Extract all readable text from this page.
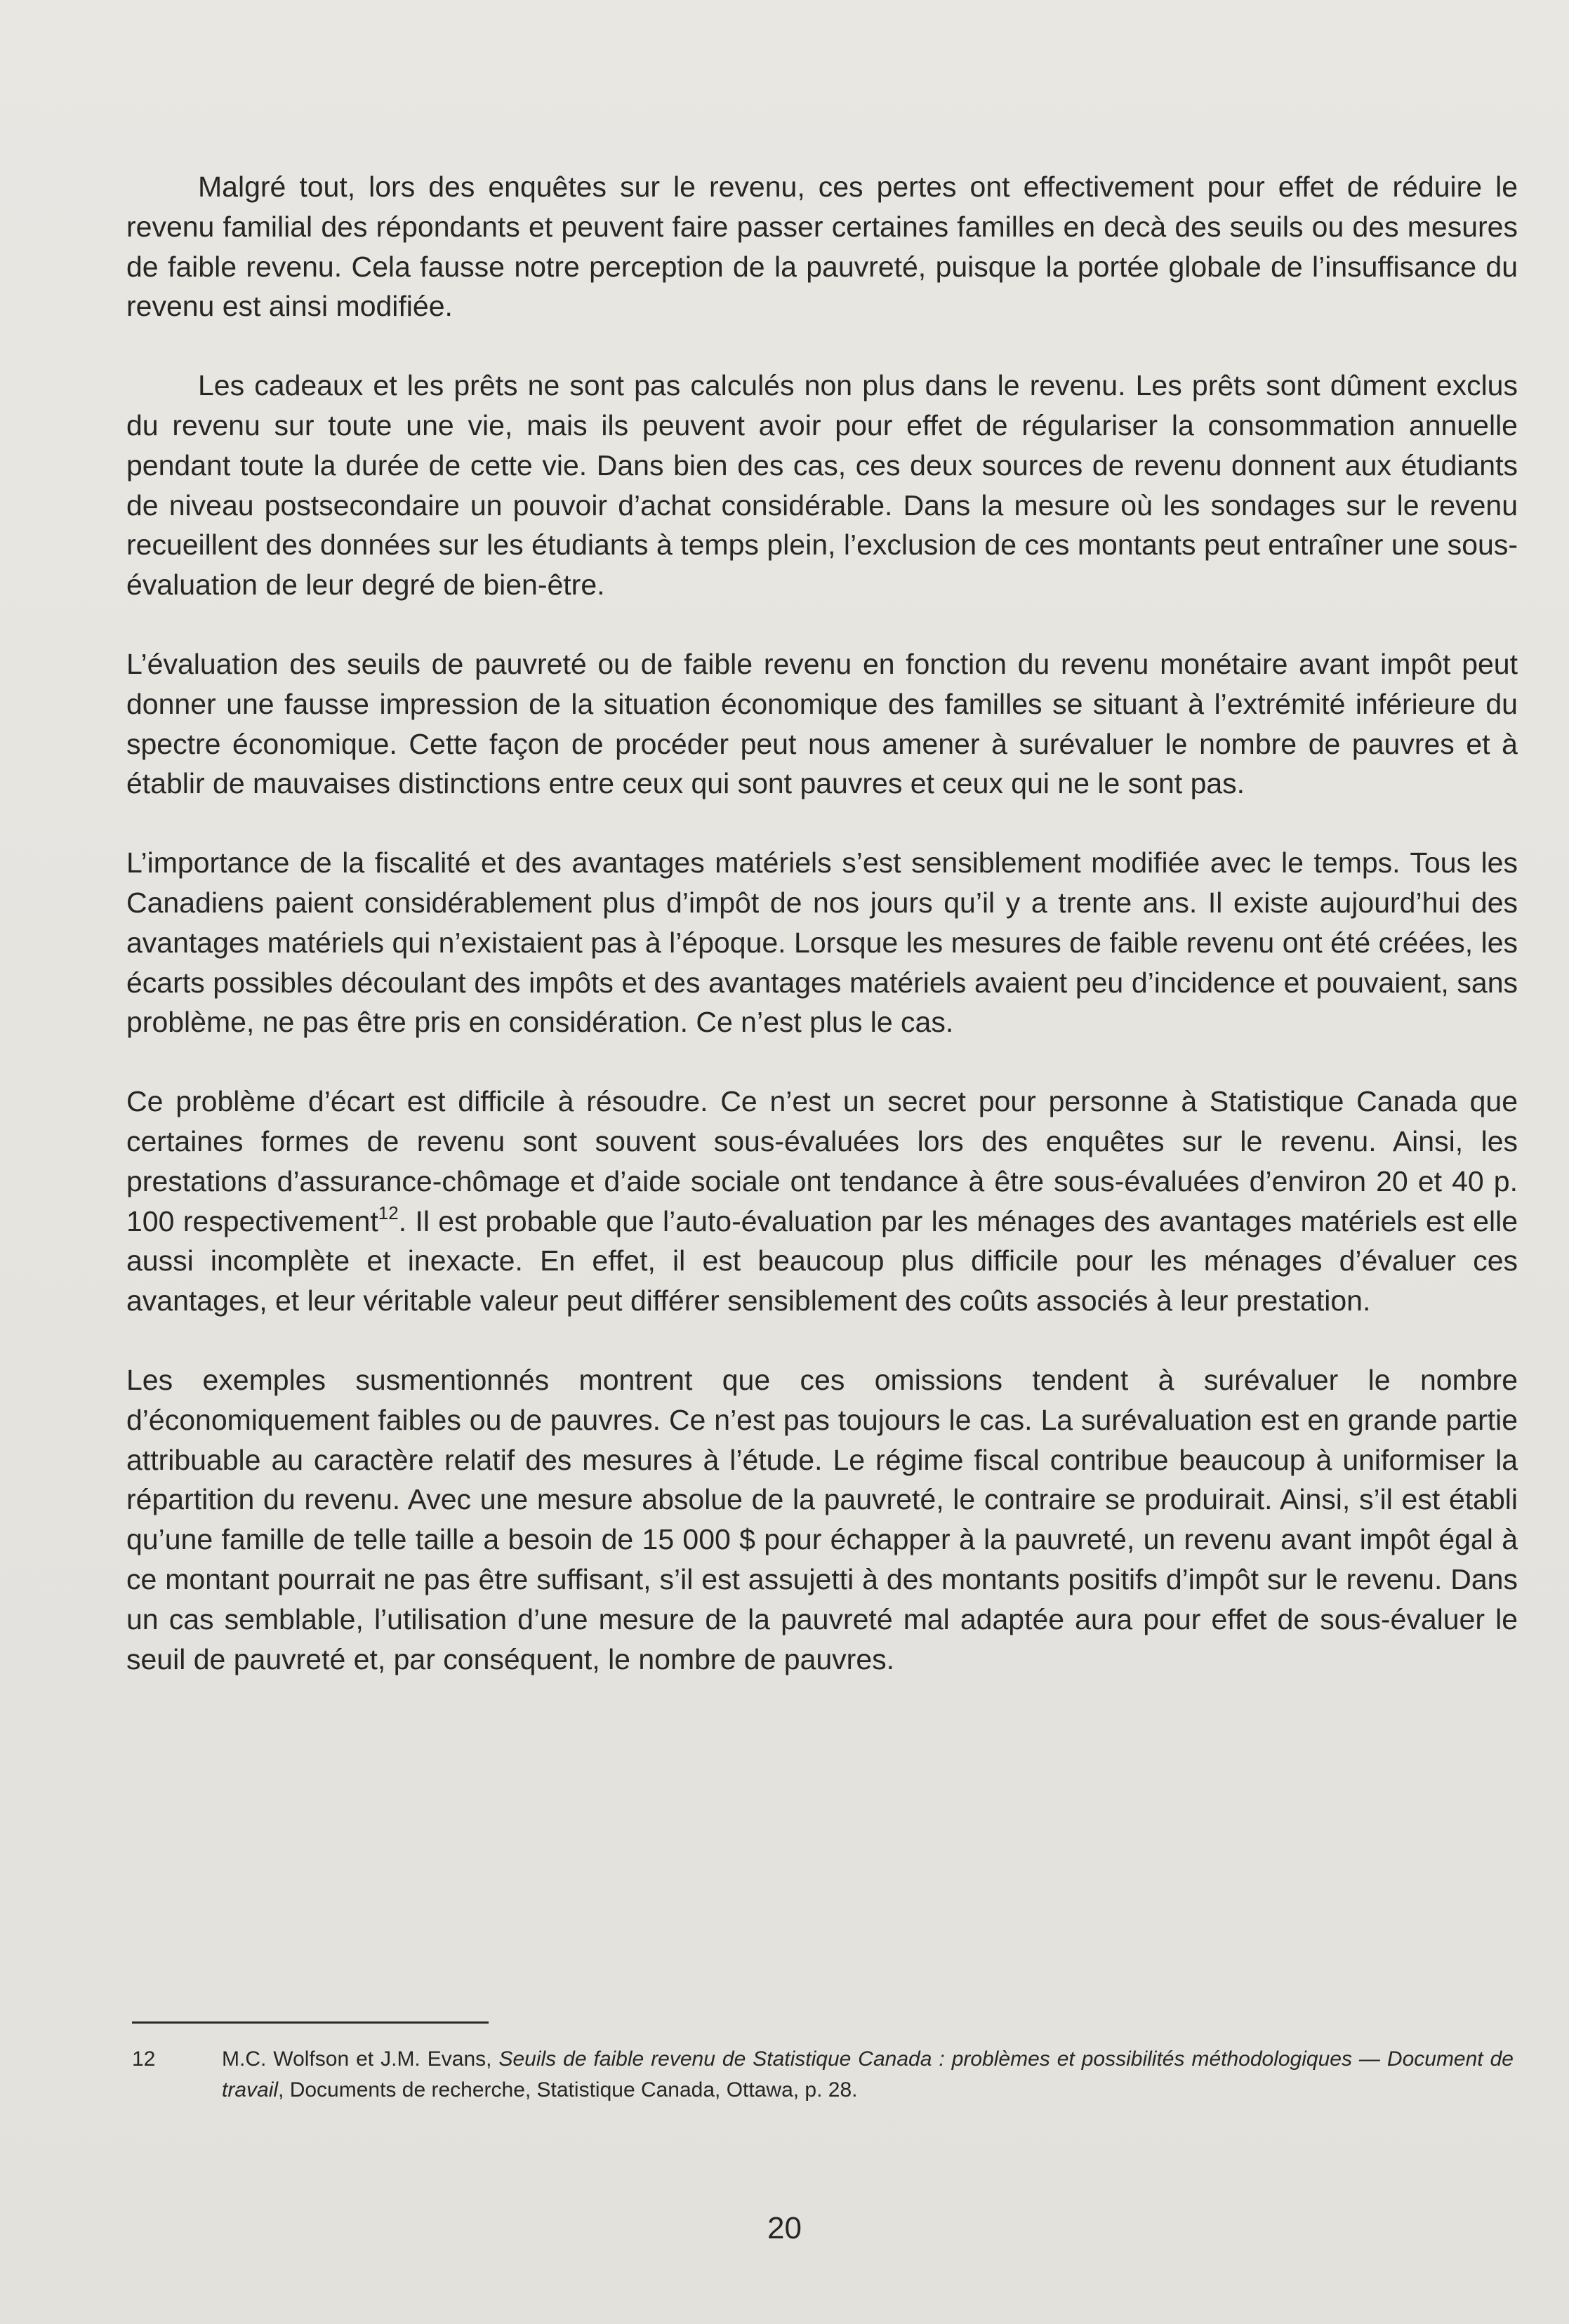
Malgré tout, lors des enquêtes sur le revenu, ces pertes ont effectivement pour effet de réduire le revenu familial des répondants et peuvent faire passer certaines familles en decà des seuils ou des mesures de faible revenu. Cela fausse notre perception de la pauvreté, puisque la portée globale de l’insuffisance du revenu est ainsi modifiée.

Les cadeaux et les prêts ne sont pas calculés non plus dans le revenu. Les prêts sont dûment exclus du revenu sur toute une vie, mais ils peuvent avoir pour effet de régulariser la consommation annuelle pendant toute la durée de cette vie. Dans bien des cas, ces deux sources de revenu donnent aux étudiants de niveau postsecondaire un pouvoir d’achat considérable. Dans la mesure où les sondages sur le revenu recueillent des données sur les étudiants à temps plein, l’exclusion de ces montants peut entraîner une sous-évaluation de leur degré de bien-être.

L’évaluation des seuils de pauvreté ou de faible revenu en fonction du revenu monétaire avant impôt peut donner une fausse impression de la situation économique des familles se situant à l’extrémité inférieure du spectre économique. Cette façon de procéder peut nous amener à surévaluer le nombre de pauvres et à établir de mauvaises distinctions entre ceux qui sont pauvres et ceux qui ne le sont pas.

L’importance de la fiscalité et des avantages matériels s’est sensiblement modifiée avec le temps. Tous les Canadiens paient considérablement plus d’impôt de nos jours qu’il y a trente ans. Il existe aujourd’hui des avantages matériels qui n’existaient pas à l’époque. Lorsque les mesures de faible revenu ont été créées, les écarts possibles découlant des impôts et des avantages matériels avaient peu d’incidence et pouvaient, sans problème, ne pas être pris en considération. Ce n’est plus le cas.

Ce problème d’écart est difficile à résoudre. Ce n’est un secret pour personne à Statistique Canada que certaines formes de revenu sont souvent sous-évaluées lors des enquêtes sur le revenu. Ainsi, les prestations d’assurance-chômage et d’aide sociale ont tendance à être sous-évaluées d’environ 20 et 40 p. 100 respectivement$^{12}$. Il est probable que l’auto-évaluation par les ménages des avantages matériels est elle aussi incomplète et inexacte. En effet, il est beaucoup plus difficile pour les ménages d’évaluer ces avantages, et leur véritable valeur peut différer sensiblement des coûts associés à leur prestation.

Les exemples susmentionnés montrent que ces omissions tendent à surévaluer le nombre d’économiquement faibles ou de pauvres. Ce n’est pas toujours le cas. La surévaluation est en grande partie attribuable au caractère relatif des mesures à l’étude. Le régime fiscal contribue beaucoup à uniformiser la répartition du revenu. Avec une mesure absolue de la pauvreté, le contraire se produirait. Ainsi, s’il est établi qu’une famille de telle taille a besoin de 15 000 $ pour échapper à la pauvreté, un revenu avant impôt égal à ce montant pourrait ne pas être suffisant, s’il est assujetti à des montants positifs d’impôt sur le revenu. Dans un cas semblable, l’utilisation d’une mesure de la pauvreté mal adaptée aura pour effet de sous-évaluer le seuil de pauvreté et, par conséquent, le nombre de pauvres.

12	M.C. Wolfson et J.M. Evans, Seuils de faible revenu de Statistique Canada : problèmes et possibilités méthodologiques — Document de travail, Documents de recherche, Statistique Canada, Ottawa, p. 28.
20
